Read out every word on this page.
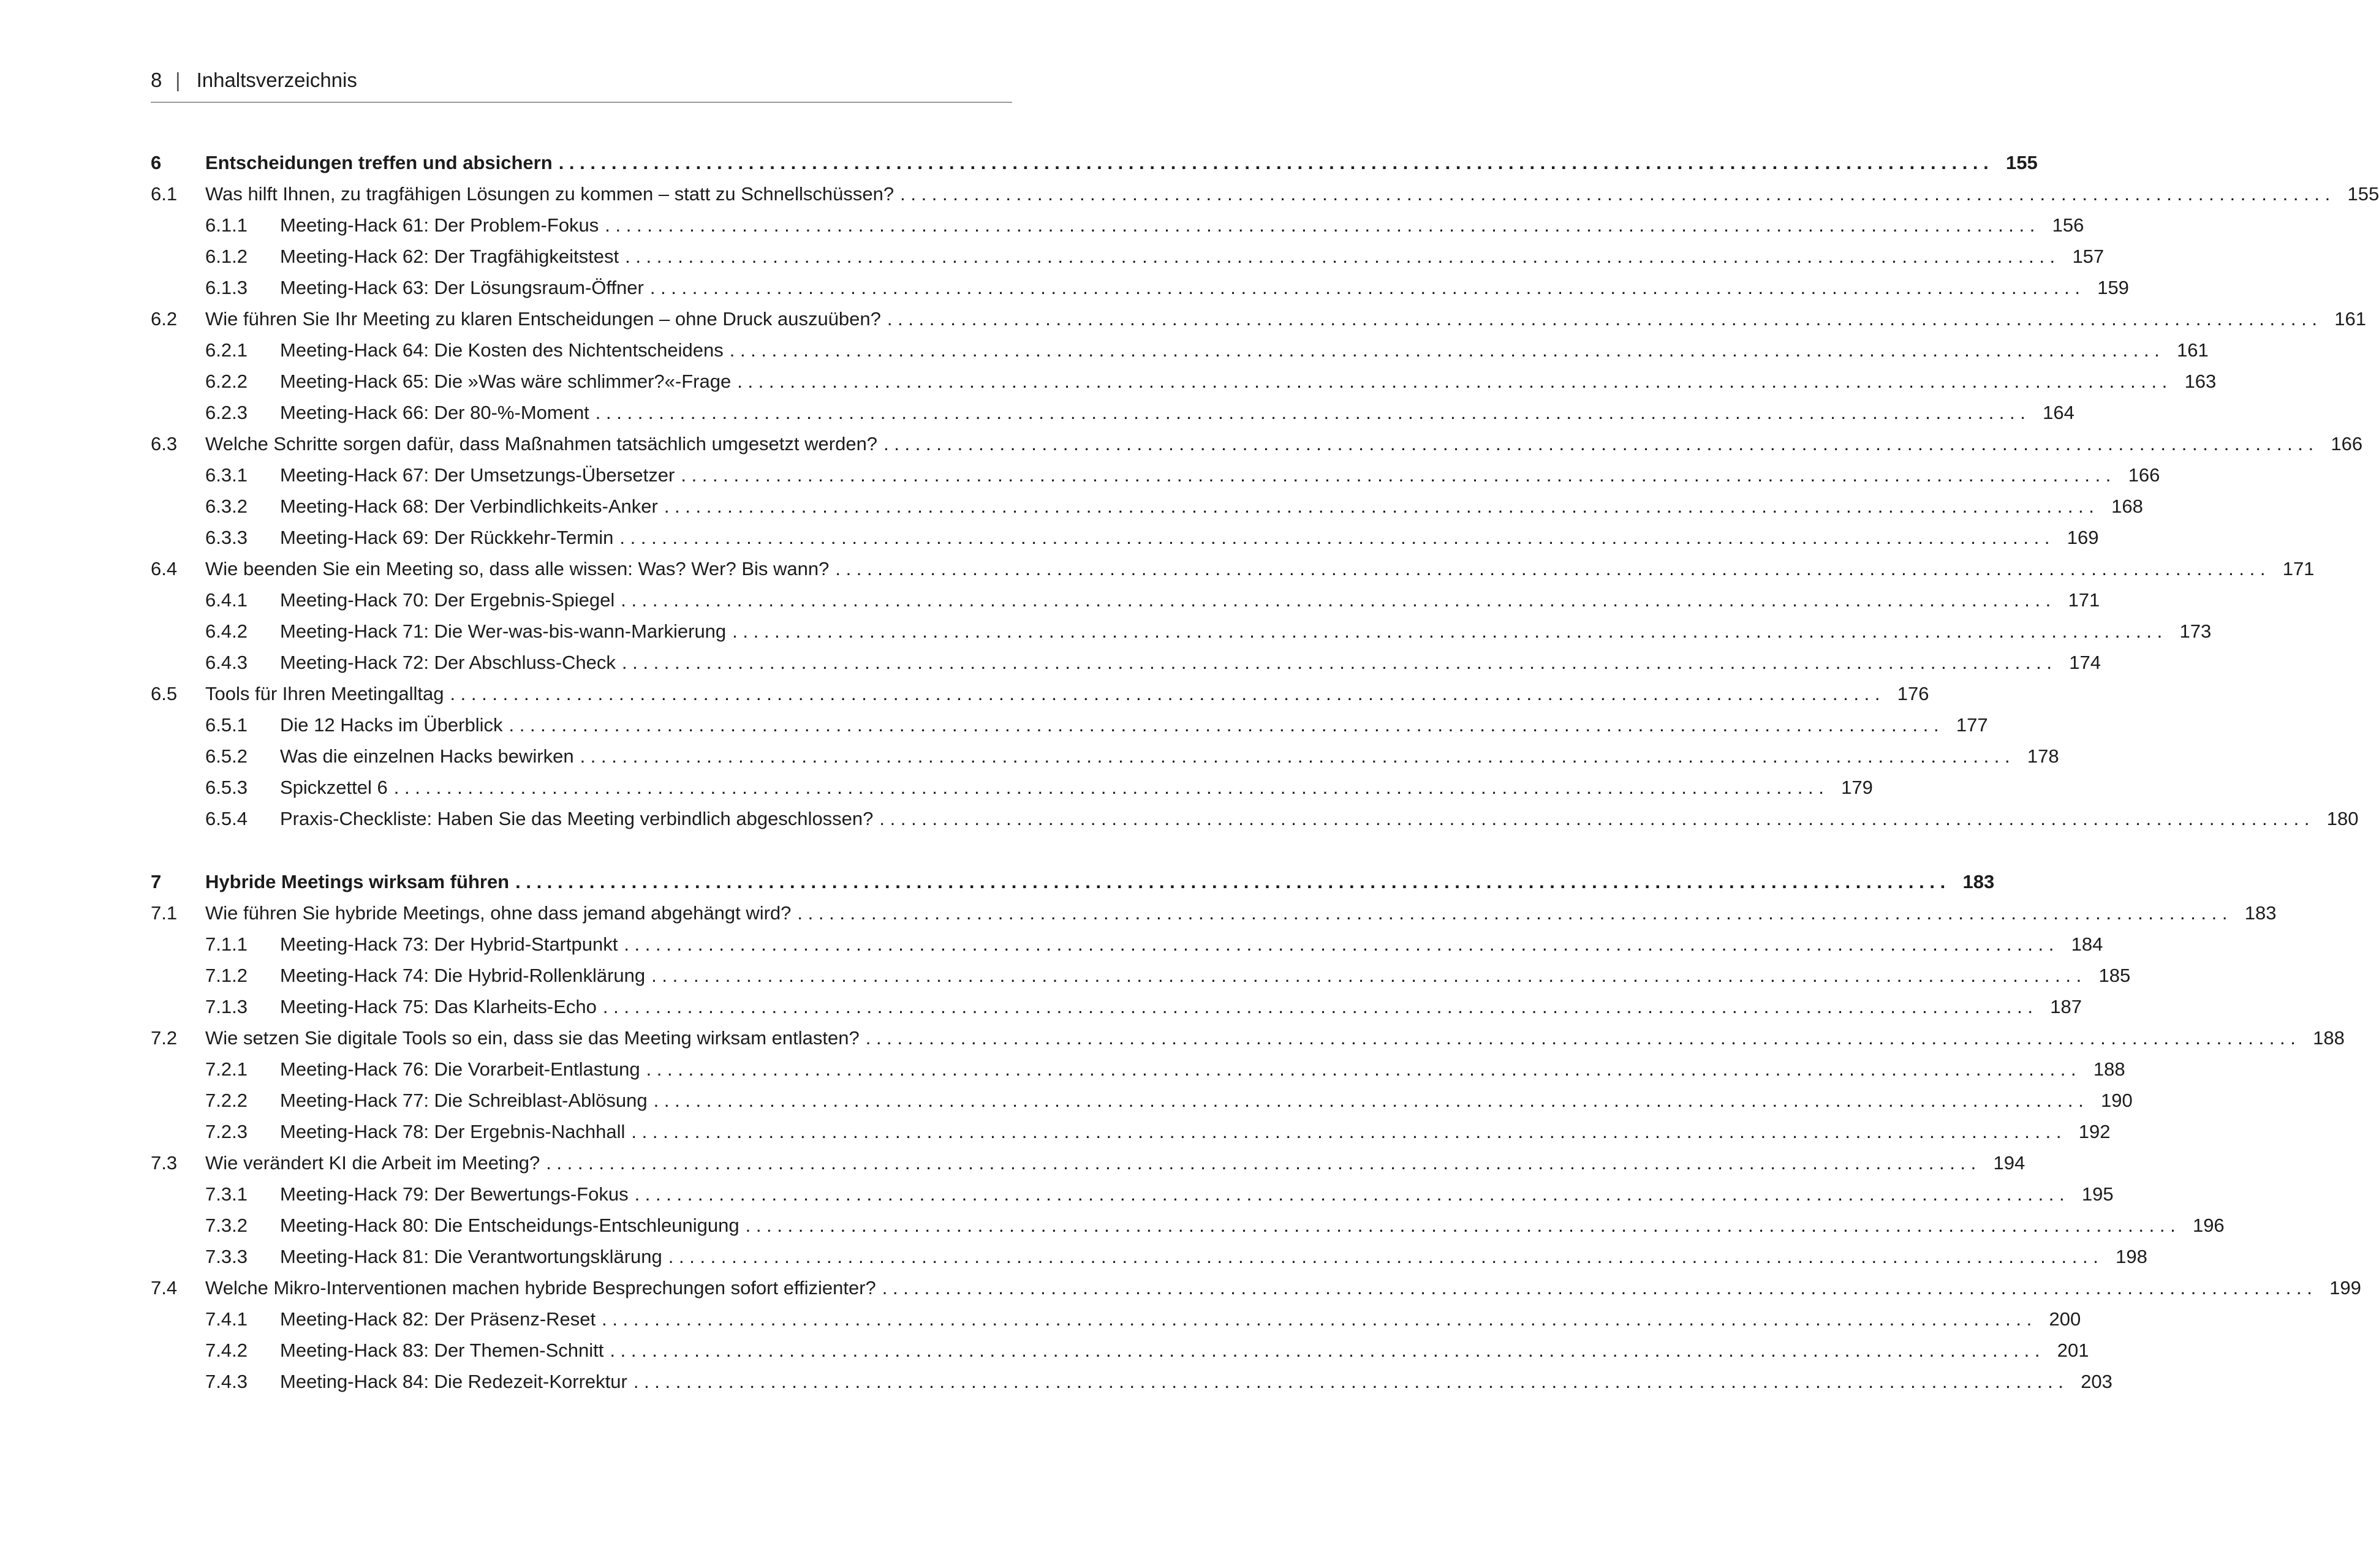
8 | Inhaltsverzeichnis
6	Entscheidungen treffen und absichern . . .	155
6.1	Was hilft Ihnen, zu tragfähigen Lösungen zu kommen – statt zu Schnellschüssen? . . .	155
6.1.1	Meeting-Hack 61: Der Problem-Fokus . . .	156
6.1.2	Meeting-Hack 62: Der Tragfähigkeitstest . . .	157
6.1.3	Meeting-Hack 63: Der Lösungsraum-Öffner . . .	159
6.2	Wie führen Sie Ihr Meeting zu klaren Entscheidungen – ohne Druck auszuüben? . . .	161
6.2.1	Meeting-Hack 64: Die Kosten des Nichtentscheidens . . .	161
6.2.2	Meeting-Hack 65: Die »Was wäre schlimmer?«-Frage . . .	163
6.2.3	Meeting-Hack 66: Der 80-%-Moment . . .	164
6.3	Welche Schritte sorgen dafür, dass Maßnahmen tatsächlich umgesetzt werden? . . .	166
6.3.1	Meeting-Hack 67: Der Umsetzungs-Übersetzer . . .	166
6.3.2	Meeting-Hack 68: Der Verbindlichkeits-Anker . . .	168
6.3.3	Meeting-Hack 69: Der Rückkehr-Termin . . .	169
6.4	Wie beenden Sie ein Meeting so, dass alle wissen: Was? Wer? Bis wann? . . .	171
6.4.1	Meeting-Hack 70: Der Ergebnis-Spiegel . . .	171
6.4.2	Meeting-Hack 71: Die Wer-was-bis-wann-Markierung . . .	173
6.4.3	Meeting-Hack 72: Der Abschluss-Check . . .	174
6.5	Tools für Ihren Meetingalltag . . .	176
6.5.1	Die 12 Hacks im Überblick . . .	177
6.5.2	Was die einzelnen Hacks bewirken . . .	178
6.5.3	Spickzettel 6 . . .	179
6.5.4	Praxis-Checkliste: Haben Sie das Meeting verbindlich abgeschlossen? . . .	180
7	Hybride Meetings wirksam führen . . .	183
7.1	Wie führen Sie hybride Meetings, ohne dass jemand abgehängt wird? . . .	183
7.1.1	Meeting-Hack 73: Der Hybrid-Startpunkt . . .	184
7.1.2	Meeting-Hack 74: Die Hybrid-Rollenklärung . . .	185
7.1.3	Meeting-Hack 75: Das Klarheits-Echo . . .	187
7.2	Wie setzen Sie digitale Tools so ein, dass sie das Meeting wirksam entlasten? . . .	188
7.2.1	Meeting-Hack 76: Die Vorarbeit-Entlastung . . .	188
7.2.2	Meeting-Hack 77: Die Schreiblast-Ablösung . . .	190
7.2.3	Meeting-Hack 78: Der Ergebnis-Nachhall . . .	192
7.3	Wie verändert KI die Arbeit im Meeting? . . .	194
7.3.1	Meeting-Hack 79: Der Bewertungs-Fokus . . .	195
7.3.2	Meeting-Hack 80: Die Entscheidungs-Entschleunigung . . .	196
7.3.3	Meeting-Hack 81: Die Verantwortungsklärung . . .	198
7.4	Welche Mikro-Interventionen machen hybride Besprechungen sofort effizienter? . . .	199
7.4.1	Meeting-Hack 82: Der Präsenz-Reset . . .	200
7.4.2	Meeting-Hack 83: Der Themen-Schnitt . . .	201
7.4.3	Meeting-Hack 84: Die Redezeit-Korrektur . . .	203
